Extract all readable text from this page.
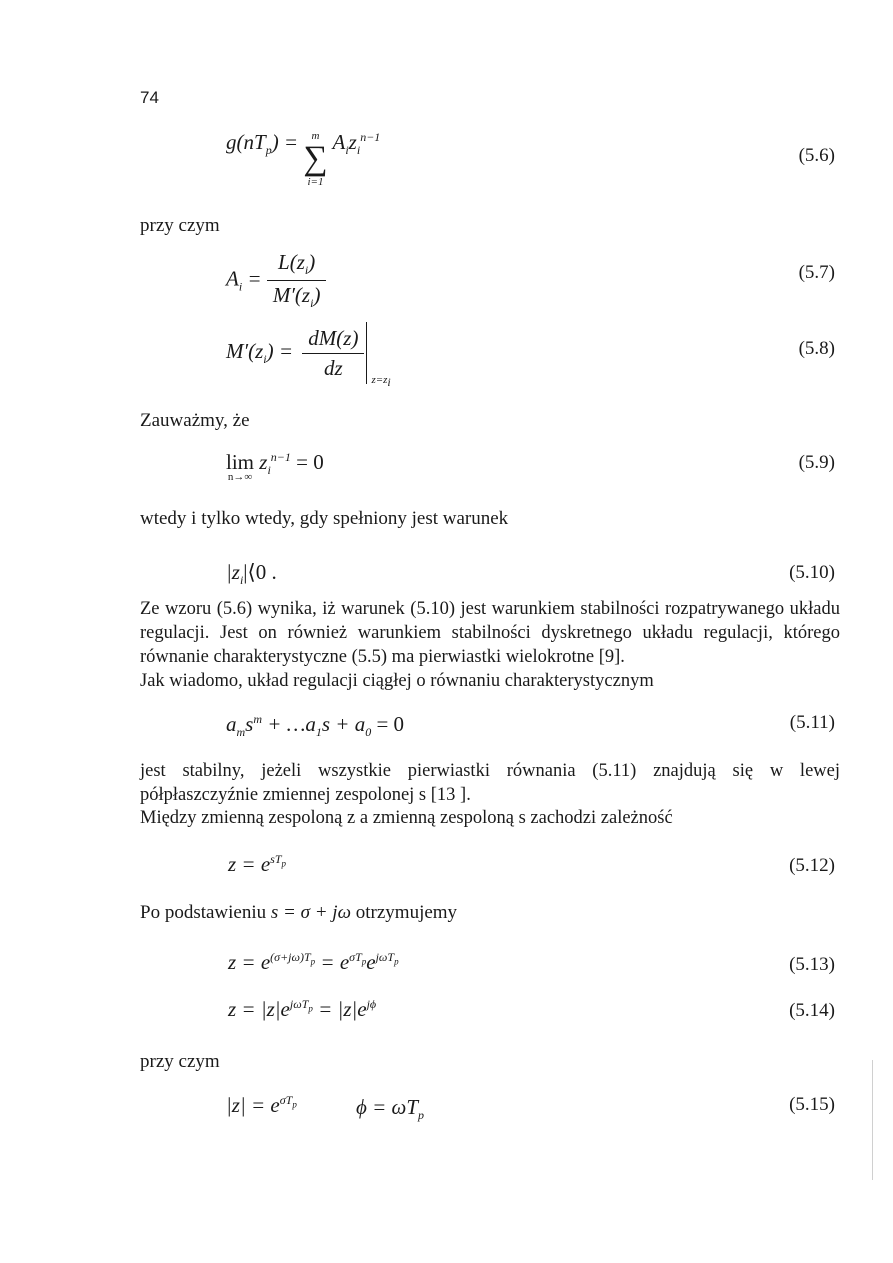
74
$g(nT_p) = m$
∑
i=1
$A_iz_i^{n-1}$
(5.6)
przy czym
$A_i = \frac{L(z_i)}{M'(z_i)}$	(5.7)
$M'(z_i) = \frac{dM(z)}{dz} z=z_i$
(5.8)
Zauważmy, że
lim
n→∞
$z_i^{n-1} = 0$	(5.9)
wtedy i tylko wtedy, gdy spełniony jest warunek
$|z_i|⟨0$ .	(5.10)
Ze wzoru (5.6) wynika, iż warunek (5.10) jest warunkiem stabilności rozpatrywanego układu regulacji. Jest on również warunkiem stabilności dyskretnego układu regulacji, którego równanie charakterystyczne (5.5) ma pierwiastki wielokrotne [9].
Jak wiadomo, układ regulacji ciągłej o równaniu charakterystycznym
$a_ms^m$ + $\dots a_1s + a_0 = 0$	(5.11)
jest stabilny, jeżeli wszystkie pierwiastki równania (5.11) znajdują się w lewej półpłaszczyźnie zmiennej zespolonej s [13 ].
Między zmienną zespoloną z a zmienną zespoloną s zachodzi zależność
$z = e^{sT_p}$	(5.12)
Po podstawieniu s = σ + jω otrzymujemy
$z = e^{(\sigma+j\omega)T_p} = e^{\sigma T_p}e^{j\omega T_p}$	(5.13)
$z = |z|e^{j\omega T_p} = |z|e^{j\phi}$	(5.14)
przy czym
$|z| = e^{\sigma T_p}$	$\phi = \omega T_p$
(5.15)
